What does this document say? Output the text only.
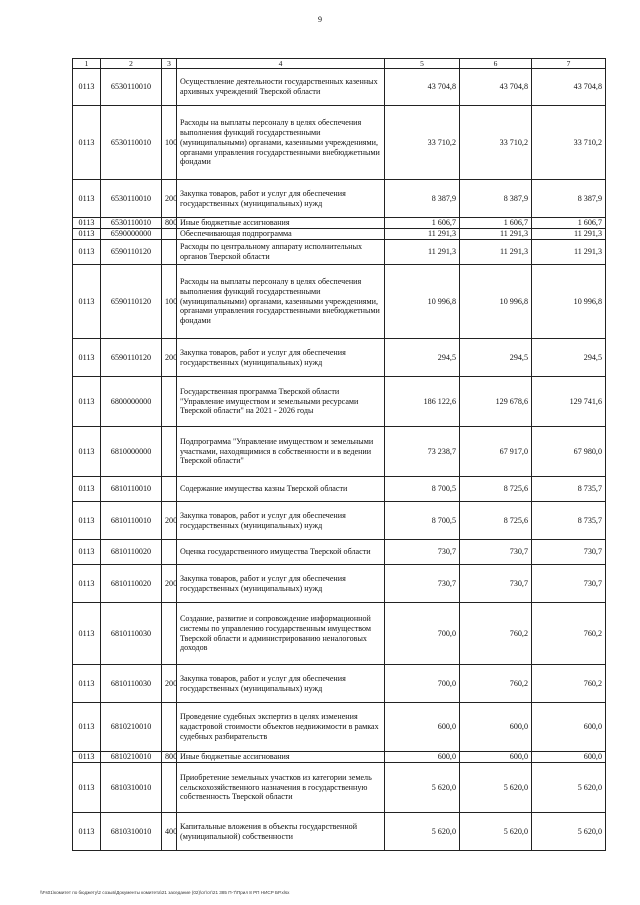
9
1	2	3	4	5	6	7
0113	6530110010		Осуществление деятельности государственных казенных архивных учреждений Тверской области	43 704,8	43 704,8	43 704,8
0113	6530110010	100	Расходы на выплаты персоналу в целях обеспечения выполнения функций государственными (муниципальными) органами, казенными учреждениями, органами управления государственными внебюджетными фондами	33 710,2	33 710,2	33 710,2
0113	6530110010	200	Закупка товаров, работ и услуг для обеспечения государственных (муниципальных) нужд	8 387,9	8 387,9	8 387,9
0113	6530110010	800	Иные бюджетные ассигнования	1 606,7	1 606,7	1 606,7
0113	6590000000		Обеспечивающая подпрограмма	11 291,3	11 291,3	11 291,3
0113	6590110120		Расходы по центральному аппарату исполнительных органов Тверской области	11 291,3	11 291,3	11 291,3
0113	6590110120	100	Расходы на выплаты персоналу в целях обеспечения выполнения функций государственными (муниципальными) органами, казенными учреждениями, органами управления государственными внебюджетными фондами	10 996,8	10 996,8	10 996,8
0113	6590110120	200	Закупка товаров, работ и услуг для обеспечения государственных (муниципальных) нужд	294,5	294,5	294,5
0113	6800000000		Государственная программа Тверской области "Управление имуществом и земельными ресурсами Тверской области" на 2021 - 2026 годы	186 122,6	129 678,6	129 741,6
0113	6810000000		Подпрограмма "Управление имуществом и земельными участками, находящимися в собственности и в ведении Тверской области"	73 238,7	67 917,0	67 980,0
0113	6810110010		Содержание имущества казны Тверской области	8 700,5	8 725,6	8 735,7
0113	6810110010	200	Закупка товаров, работ и услуг для обеспечения государственных (муниципальных) нужд	8 700,5	8 725,6	8 735,7
0113	6810110020		Оценка государственного имущества Тверской области	730,7	730,7	730,7
0113	6810110020	200	Закупка товаров, работ и услуг для обеспечения государственных (муниципальных) нужд	730,7	730,7	730,7
0113	6810110030		Создание, развитие и сопровождение информационной системы по управлению государственным имуществом Тверской области и администрированию неналоговых доходов	700,0	760,2	760,2
0113	6810110030	200	Закупка товаров, работ и услуг для обеспечения государственных (муниципальных) нужд	700,0	760,2	760,2
0113	6810210010		Проведение судебных экспертиз в целях изменения кадастровой стоимости объектов недвижимости в рамках судебных разбирательств	600,0	600,0	600,0
0113	6810210010	800	Иные бюджетные ассигнования	600,0	600,0	600,0
0113	6810310010		Приобретение земельных участков из категории земель сельскохозяйственного назначения в государственную собственность Тверской области	5 620,0	5 620,0	5 620,0
0113	6810310010	400	Капитальные вложения в объекты государственной (муниципальной) собственности	5 620,0	5 620,0	5 620,0
\\Fs01\комитет по бюджету\2 созыв\Документы комитета\21 заседание (02)\от\от\21 385 П-7\Прил 8 РП НИСР БР.xlsx
